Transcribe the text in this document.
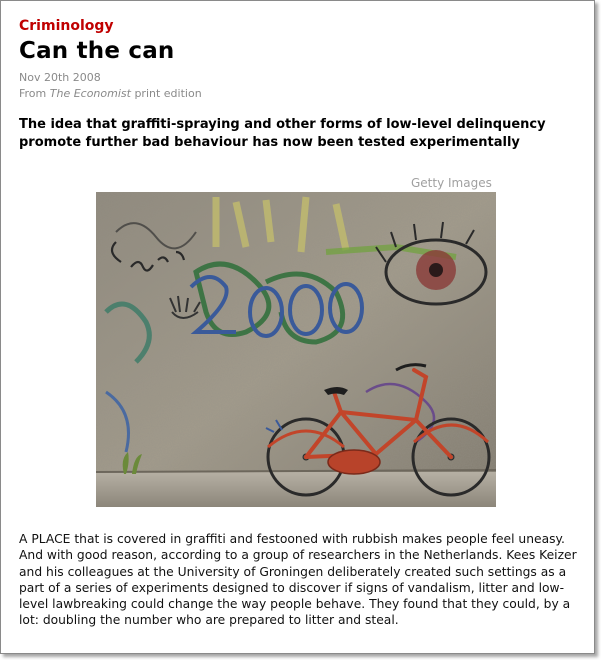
Criminology
Can the can
Nov 20th 2008
From The Economist print edition
The idea that graffiti-spraying and other forms of low-level delinquency promote further bad behaviour has now been tested experimentally
Getty Images
A PLACE that is covered in graffiti and festooned with rubbish makes people feel uneasy. And with good reason, according to a group of researchers in the Netherlands. Kees Keizer and his colleagues at the University of Groningen deliberately created such settings as a part of a series of experiments designed to discover if signs of vandalism, litter and low-level lawbreaking could change the way people behave. They found that they could, by a lot: doubling the number who are prepared to litter and steal.
